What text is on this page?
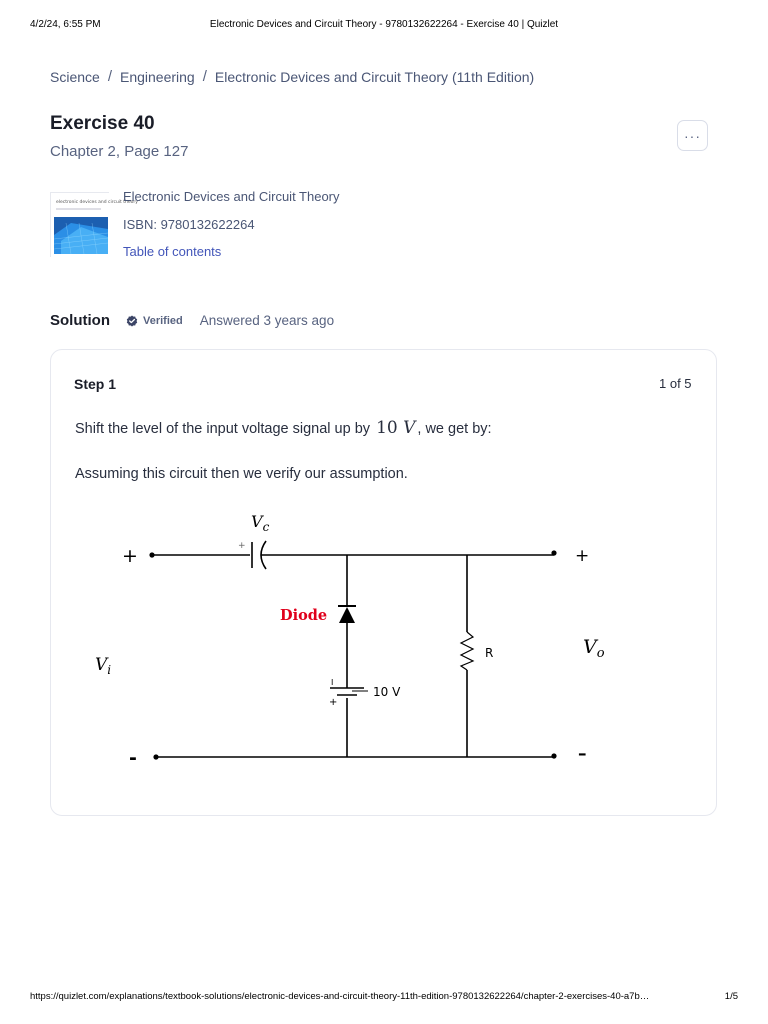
4/2/24, 6:55 PM	Electronic Devices and Circuit Theory - 9780132622264 - Exercise 40 | Quizlet
Science / Engineering / Electronic Devices and Circuit Theory (11th Edition)
Exercise 40
Chapter 2, Page 127
···
electronic devices and circuit theory
Electronic Devices and Circuit Theory
ISBN: 9780132622264
Table of contents
Solution	Verified Answered 3 years ago
Step 1	1 of 5
Shift the level of the input voltage signal up by 10 V , we get by:
Assuming this circuit then we verify our assumption.
$V_c$
+
+	+
Diode
I
+
10 V
R
$V_i$
$V_o$
-	–
https://quizlet.com/explanations/textbook-solutions/electronic-devices-and-circuit-theory-11th-edition-9780132622264/chapter-2-exercises-40-a7b…	1/5
